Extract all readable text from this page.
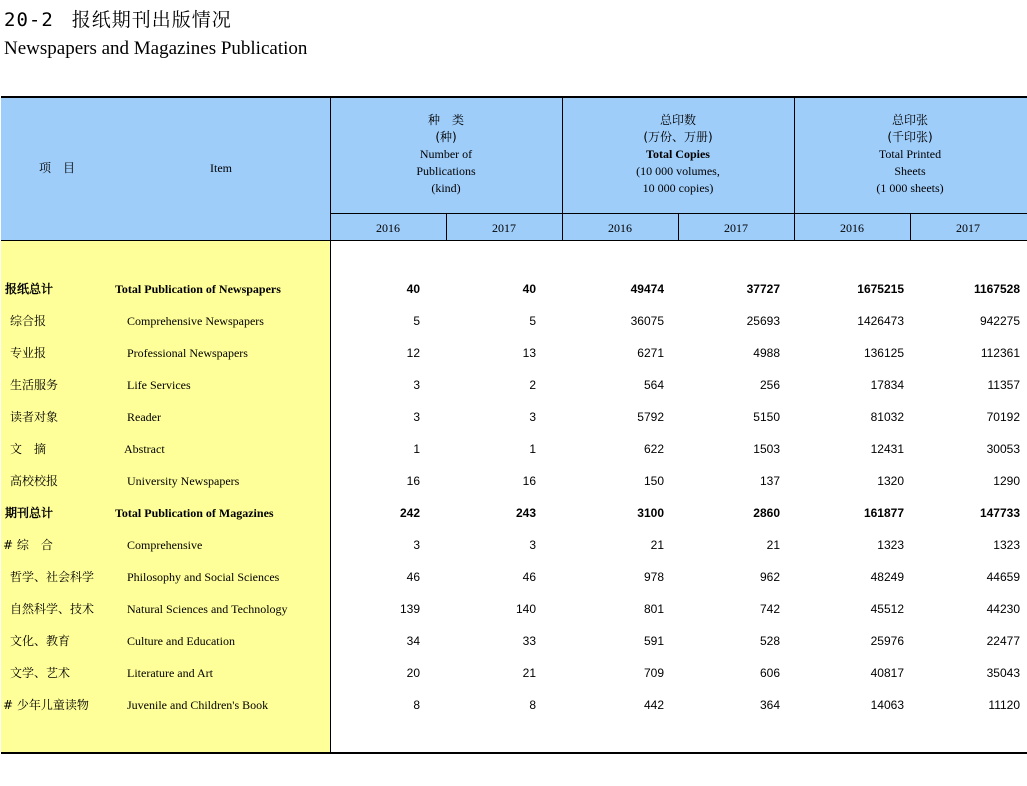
20-2 报纸期刊出版情况
Newspapers and Magazines Publication
项　目	Item
种　类
(种)
Number of
Publications
(kind)
总印数
(万份、万册)
Total Copies
(10 000 volumes,
10 000 copies)
总印张
(千印张)
Total Printed
Sheets
(1 000 sheets)
2016	2017	2016	2017	2016	2017
报纸总计	Total Publication of Newspapers	40	40	49474	37727	1675215	1167528
综合报	Comprehensive Newspapers	5	5	36075	25693	1426473	942275
专业报	Professional Newspapers	12	13	6271	4988	136125	112361
生活服务	Life Services	3	2	564	256	17834	11357
读者对象	Reader	3	3	5792	5150	81032	70192
文　摘	Abstract	1	1	622	1503	12431	30053
高校校报	University Newspapers	16	16	150	137	1320	1290
期刊总计	Total Publication of Magazines	242	243	3100	2860	161877	147733
# 综　合	Comprehensive	3	3	21	21	1323	1323
哲学、社会科学	Philosophy and Social Sciences	46	46	978	962	48249	44659
自然科学、技术	Natural Sciences and Technology	139	140	801	742	45512	44230
文化、教育	Culture and Education	34	33	591	528	25976	22477
文学、艺术	Literature and Art	20	21	709	606	40817	35043
# 少年儿童读物	Juvenile and Children's Book	8	8	442	364	14063	11120
